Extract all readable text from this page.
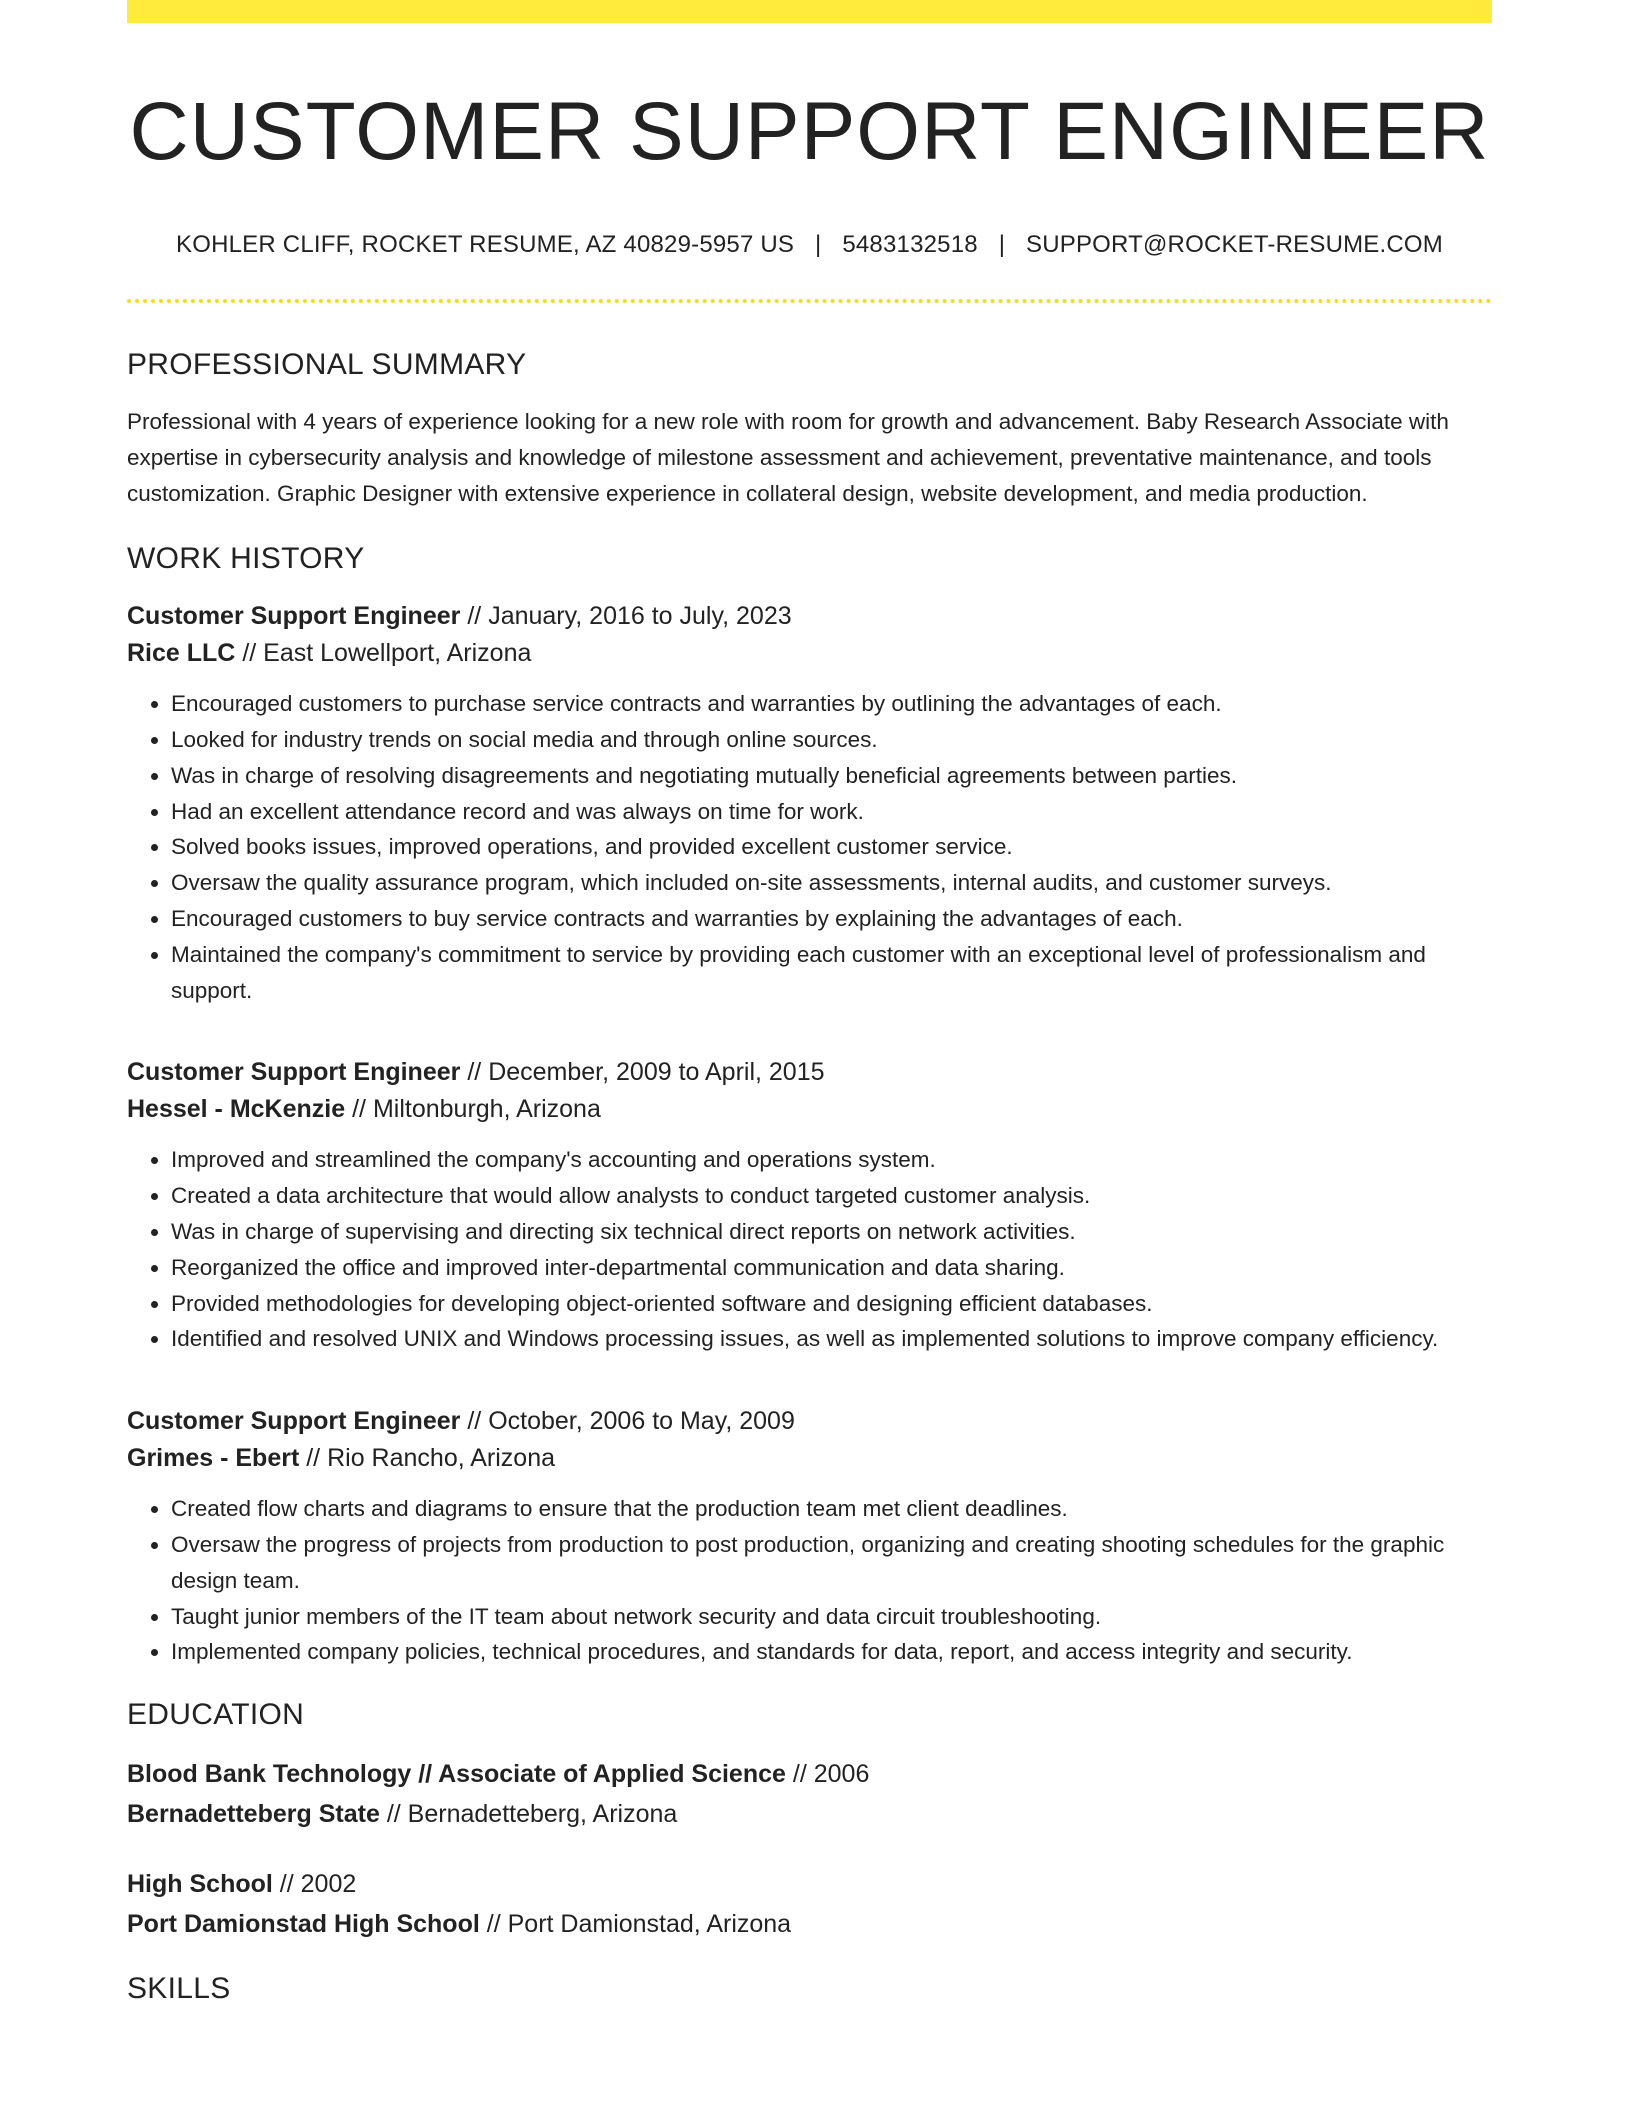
CUSTOMER SUPPORT ENGINEER
KOHLER CLIFF, ROCKET RESUME, AZ 40829-5957 US | 5483132518 | SUPPORT@ROCKET-RESUME.COM
PROFESSIONAL SUMMARY

Professional with 4 years of experience looking for a new role with room for growth and advancement. Baby Research Associate with expertise in cybersecurity analysis and knowledge of milestone assessment and achievement, preventative maintenance, and tools customization. Graphic Designer with extensive experience in collateral design, website development, and media production.

WORK HISTORY
Customer Support Engineer // January, 2016 to July, 2023
Rice LLC // East Lowellport, Arizona
• Encouraged customers to purchase service contracts and warranties by outlining the advantages of each.
• Looked for industry trends on social media and through online sources.
• Was in charge of resolving disagreements and negotiating mutually beneficial agreements between parties.
• Had an excellent attendance record and was always on time for work.
• Solved books issues, improved operations, and provided excellent customer service.
• Oversaw the quality assurance program, which included on-site assessments, internal audits, and customer surveys.
• Encouraged customers to buy service contracts and warranties by explaining the advantages of each.
• Maintained the company's commitment to service by providing each customer with an exceptional level of professionalism and support.
Customer Support Engineer // December, 2009 to April, 2015
Hessel - McKenzie // Miltonburgh, Arizona
• Improved and streamlined the company's accounting and operations system.
• Created a data architecture that would allow analysts to conduct targeted customer analysis.
• Was in charge of supervising and directing six technical direct reports on network activities.
• Reorganized the office and improved inter-departmental communication and data sharing.
• Provided methodologies for developing object-oriented software and designing efficient databases.
• Identified and resolved UNIX and Windows processing issues, as well as implemented solutions to improve company efficiency.
Customer Support Engineer // October, 2006 to May, 2009
Grimes - Ebert // Rio Rancho, Arizona
• Created flow charts and diagrams to ensure that the production team met client deadlines.
• Oversaw the progress of projects from production to post production, organizing and creating shooting schedules for the graphic design team.
• Taught junior members of the IT team about network security and data circuit troubleshooting.
• Implemented company policies, technical procedures, and standards for data, report, and access integrity and security.
EDUCATION
Blood Bank Technology // Associate of Applied Science // 2006
Bernadetteberg State // Bernadetteberg, Arizona
High School // 2002
Port Damionstad High School // Port Damionstad, Arizona
SKILLS
